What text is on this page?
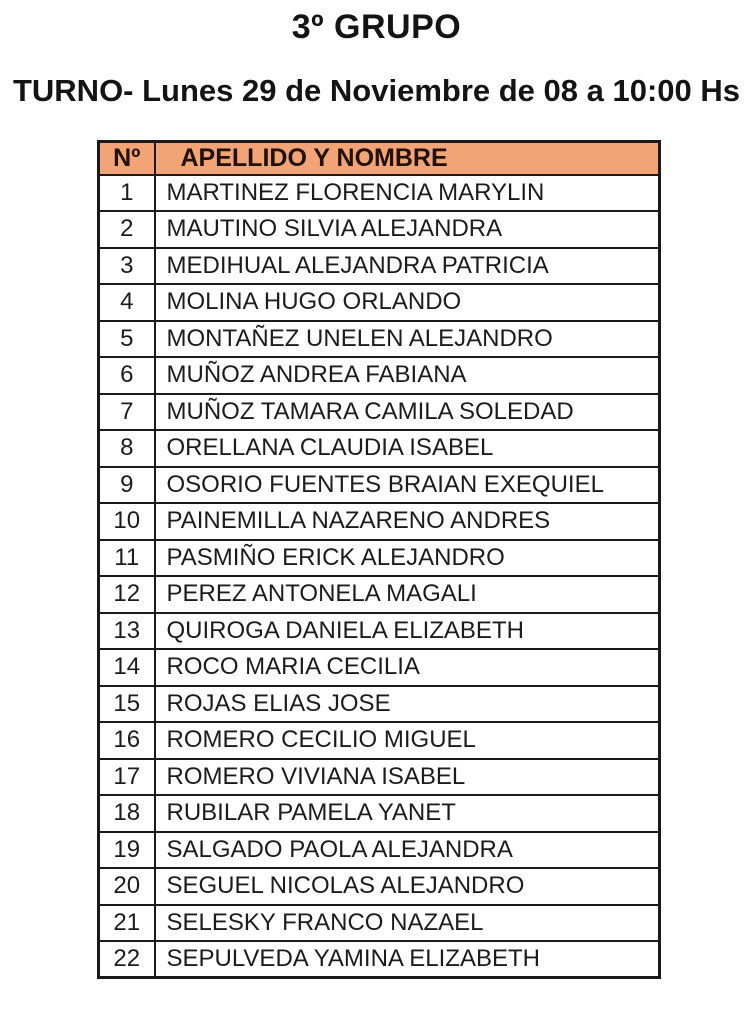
3º GRUPO
TURNO- Lunes 29 de Noviembre de 08 a 10:00 Hs
Nº	APELLIDO Y NOMBRE
1	MARTINEZ FLORENCIA MARYLIN
2	MAUTINO SILVIA ALEJANDRA
3	MEDIHUAL ALEJANDRA PATRICIA
4	MOLINA HUGO ORLANDO
5	MONTAÑEZ UNELEN ALEJANDRO
6	MUÑOZ ANDREA FABIANA
7	MUÑOZ TAMARA CAMILA SOLEDAD
8	ORELLANA CLAUDIA ISABEL
9	OSORIO FUENTES BRAIAN EXEQUIEL
10	PAINEMILLA NAZARENO ANDRES
11	PASMIÑO ERICK ALEJANDRO
12	PEREZ ANTONELA MAGALI
13	QUIROGA DANIELA ELIZABETH
14	ROCO MARIA CECILIA
15	ROJAS ELIAS JOSE
16	ROMERO CECILIO MIGUEL
17	ROMERO VIVIANA ISABEL
18	RUBILAR PAMELA YANET
19	SALGADO PAOLA ALEJANDRA
20	SEGUEL NICOLAS ALEJANDRO
21	SELESKY FRANCO NAZAEL
22	SEPULVEDA YAMINA ELIZABETH
